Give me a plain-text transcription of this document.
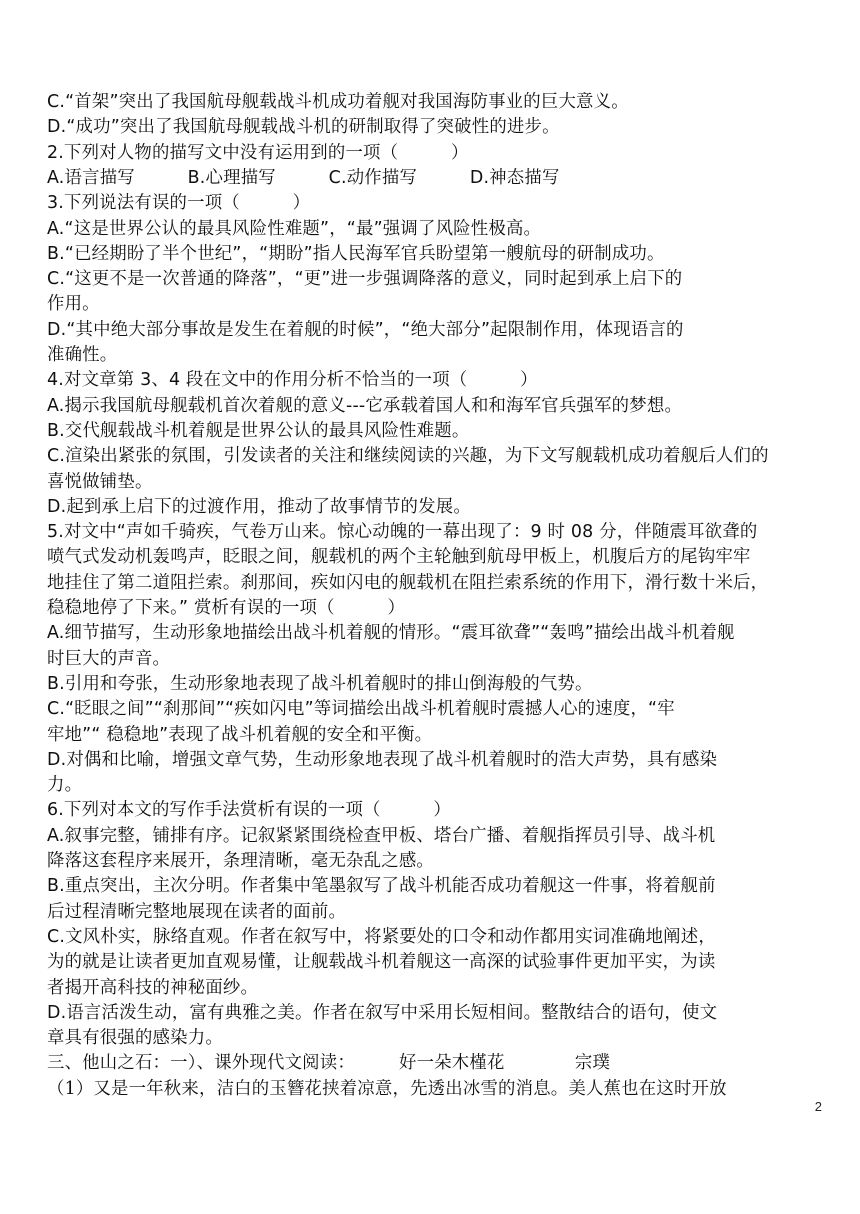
C.“首架”突出了我国航母舰载战斗机成功着舰对我国海防事业的巨大意义。
D.“成功”突出了我国航母舰载战斗机的研制取得了突破性的进步。
2.下列对人物的描写文中没有运用到的一项（　　　）
A.语言描写　　　B.心理描写　　　C.动作描写　　　D.神态描写
3.下列说法有误的一项（　　　）
A.“这是世界公认的最具风险性难题”，“最”强调了风险性极高。
B.“已经期盼了半个世纪”，“期盼”指人民海军官兵盼望第一艘航母的研制成功。
C.“这更不是一次普通的降落”，“更”进一步强调降落的意义，同时起到承上启下的
作用。
D.“其中绝大部分事故是发生在着舰的时候”，“绝大部分”起限制作用，体现语言的
准确性。
4.对文章第 3、4 段在文中的作用分析不恰当的一项（　　　）
A.揭示我国航母舰载机首次着舰的意义---它承载着国人和和海军官兵强军的梦想。
B.交代舰载战斗机着舰是世界公认的最具风险性难题。
C.渲染出紧张的氛围，引发读者的关注和继续阅读的兴趣，为下文写舰载机成功着舰后人们的
喜悦做铺垫。
D.起到承上启下的过渡作用，推动了故事情节的发展。
5.对文中“声如千骑疾，气卷万山来。惊心动魄的一幕出现了：9 时 08 分，伴随震耳欲聋的
喷气式发动机轰鸣声，眨眼之间，舰载机的两个主轮触到航母甲板上，机腹后方的尾钩牢牢
地挂住了第二道阻拦索。刹那间，疾如闪电的舰载机在阻拦索系统的作用下，滑行数十米后，
稳稳地停了下来。” 赏析有误的一项（　　　）
A.细节描写，生动形象地描绘出战斗机着舰的情形。“震耳欲聋”“轰鸣”描绘出战斗机着舰
时巨大的声音。
B.引用和夸张，生动形象地表现了战斗机着舰时的排山倒海般的气势。
C.“眨眼之间”“刹那间”“疾如闪电”等词描绘出战斗机着舰时震撼人心的速度，“牢
牢地”“ 稳稳地”表现了战斗机着舰的安全和平衡。
D.对偶和比喻，增强文章气势，生动形象地表现了战斗机着舰时的浩大声势，具有感染
力。
6.下列对本文的写作手法赏析有误的一项（　　　）
A.叙事完整，铺排有序。记叙紧紧围绕检查甲板、塔台广播、着舰指挥员引导、战斗机
降落这套程序来展开，条理清晰，毫无杂乱之感。
B.重点突出，主次分明。作者集中笔墨叙写了战斗机能否成功着舰这一件事，将着舰前
后过程清晰完整地展现在读者的面前。
C.文风朴实，脉络直观。作者在叙写中，将紧要处的口令和动作都用实词准确地阐述，
为的就是让读者更加直观易懂，让舰载战斗机着舰这一高深的试验事件更加平实，为读
者揭开高科技的神秘面纱。
D.语言活泼生动，富有典雅之美。作者在叙写中采用长短相间。整散结合的语句，使文
章具有很强的感染力。
三、他山之石：一）、课外现代文阅读：　　　好一朵木槿花　　　　宗璞
（1）又是一年秋来，洁白的玉簪花挟着凉意，先透出冰雪的消息。美人蕉也在这时开放
2
